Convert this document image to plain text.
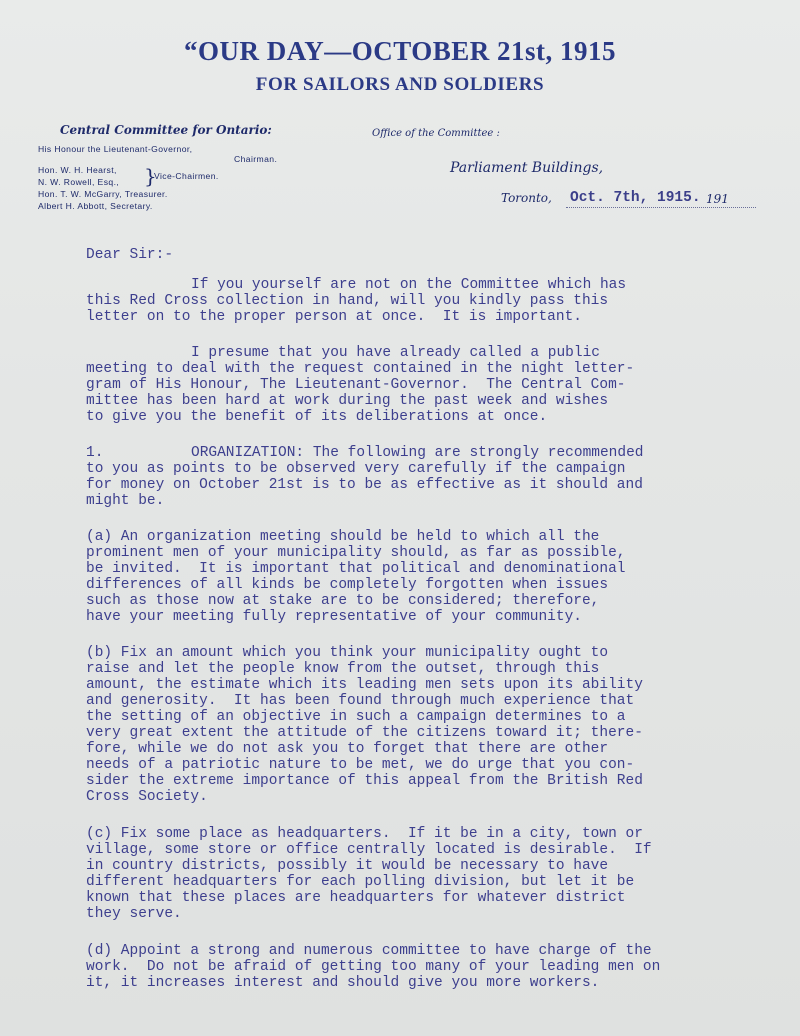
“OUR DAY—OCTOBER 21st, 1915
FOR SAILORS AND SOLDIERS
Central Committee for Ontario:
His Honour the Lieutenant-Governor,
Chairman.
Hon. W. H. Hearst,
N. W. Rowell, Esq., }
Vice-Chairmen.
Hon. T. W. McGarry, Treasurer.
Albert H. Abbott, Secretary.
Office of the Committee :
Parliament Buildings,
Toronto, Oct. 7th, 1915. 191
Dear Sir:-
If you yourself are not on the Committee which has
this Red Cross collection in hand, will you kindly pass this
letter on to the proper person at once.  It is important.
I presume that you have already called a public
meeting to deal with the request contained in the night letter-
gram of His Honour, The Lieutenant-Governor.  The Central Com-
mittee has been hard at work during the past week and wishes
to give you the benefit of its deliberations at once.
1.	ORGANIZATION: The following are strongly recommended
to you as points to be observed very carefully if the campaign
for money on October 21st is to be as effective as it should and
might be.
(a) An organization meeting should be held to which all the
prominent men of your municipality should, as far as possible,
be invited.  It is important that political and denominational
differences of all kinds be completely forgotten when issues
such as those now at stake are to be considered; therefore,
have your meeting fully representative of your community.
(b) Fix an amount which you think your municipality ought to
raise and let the people know from the outset, through this
amount, the estimate which its leading men sets upon its ability
and generosity.  It has been found through much experience that
the setting of an objective in such a campaign determines to a
very great extent the attitude of the citizens toward it; there-
fore, while we do not ask you to forget that there are other
needs of a patriotic nature to be met, we do urge that you con-
sider the extreme importance of this appeal from the British Red
Cross Society.
(c) Fix some place as headquarters.  If it be in a city, town or
village, some store or office centrally located is desirable.  If
in country districts, possibly it would be necessary to have
different headquarters for each polling division, but let it be
known that these places are headquarters for whatever district
they serve.
(d) Appoint a strong and numerous committee to have charge of the
work.  Do not be afraid of getting too many of your leading men on
it, it increases interest and should give you more workers.
